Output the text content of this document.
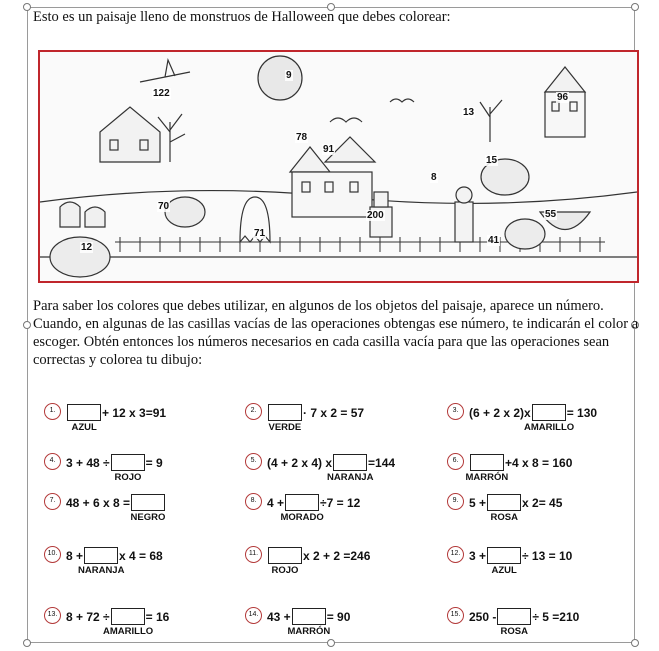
Esto es un paisaje lleno de monstruos de Halloween que debes colorear:
9
122	96
13
78
91
15
8
200	55
70
71
12
41
Para saber los colores que debes utilizar, en algunos de los objetos del paisaje, aparece un número. Cuando, en algunas de las casillas vacías de las operaciones obtengas ese número, te indicarán el color a escoger. Obtén entonces los números necesarios en cada casilla vacía para que las operaciones sean correctas y colorea tu dibujo:
1.	+ 12 x 3=91
AZUL
2.	· 7 x 2 = 57
VERDE
3. (6 + 2 x 2)x	= 130
AMARILLO
4. 3 + 48 ÷	= 9
ROJO
5. (4 + 2 x 4) x	=144
NARANJA
6.	+4 x 8 = 160
MARRÓN
7. 48 + 6 x 8 =
NEGRO
8. 4 +	÷7 = 12
MORADO
9. 5 +	x 2= 45
ROSA
10. 8 +	x 4 = 68
NARANJA
11.	x 2 + 2 =246
ROJO
12. 3 +	÷ 13 = 10
AZUL
13. 8 + 72 ÷	= 16
AMARILLO
14. 43 +	= 90
MARRÓN
15. 250 -	÷ 5 =210
ROSA
